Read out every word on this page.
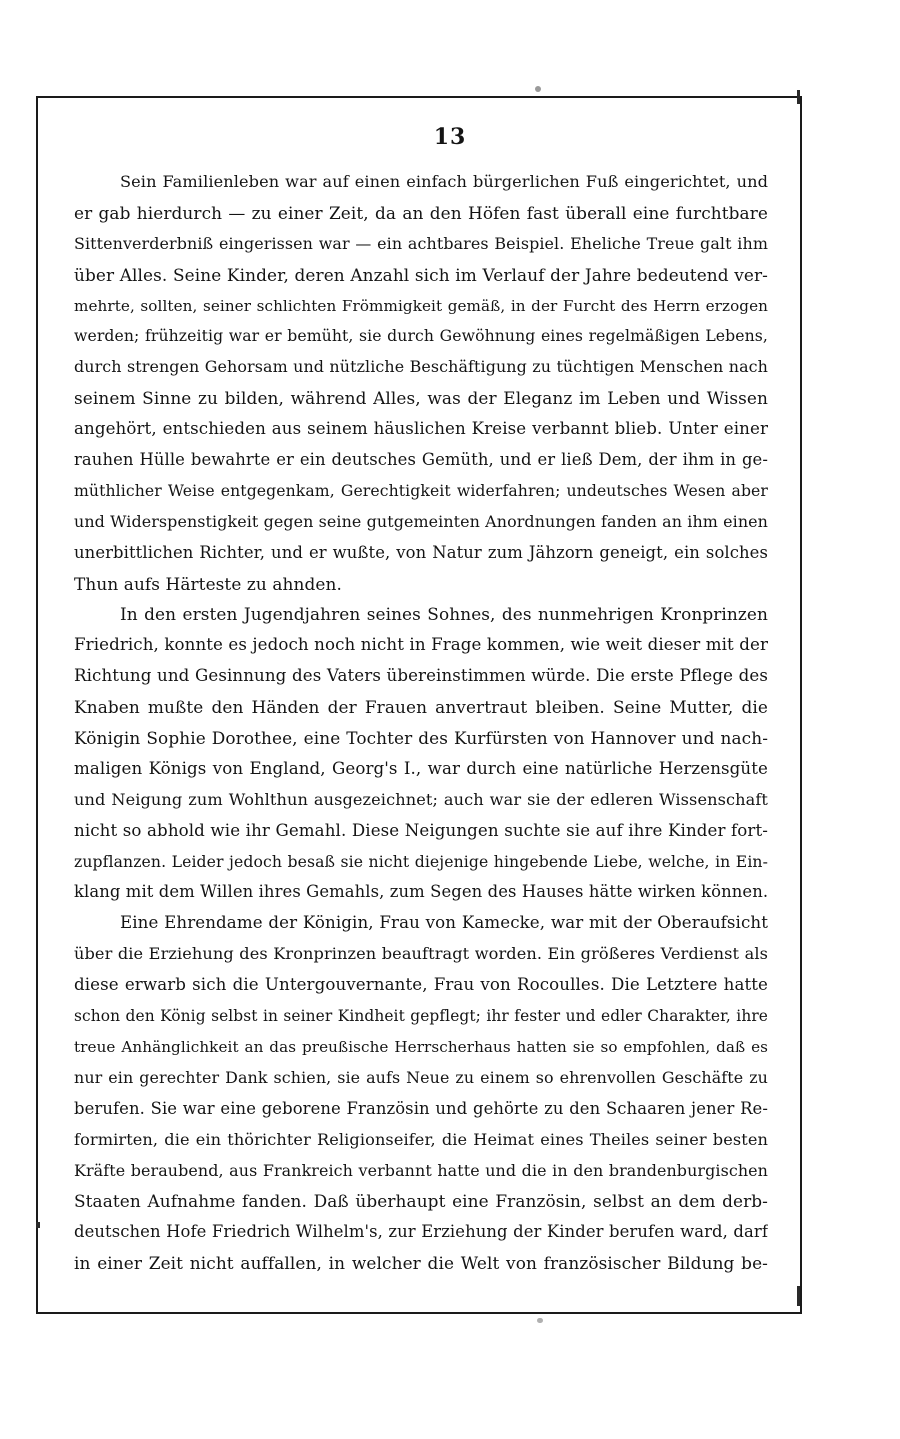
13
Sein Familienleben war auf einen einfach bürgerlichen Fuß eingerichtet, und
er gab hierdurch — zu einer Zeit, da an den Höfen fast überall eine furchtbare
Sittenverderbniß eingerissen war — ein achtbares Beispiel. Eheliche Treue galt ihm
über Alles. Seine Kinder, deren Anzahl sich im Verlauf der Jahre bedeutend ver-
mehrte, sollten, seiner schlichten Frömmigkeit gemäß, in der Furcht des Herrn erzogen
werden; frühzeitig war er bemüht, sie durch Gewöhnung eines regelmäßigen Lebens,
durch strengen Gehorsam und nützliche Beschäftigung zu tüchtigen Menschen nach
seinem Sinne zu bilden, während Alles, was der Eleganz im Leben und Wissen
angehört, entschieden aus seinem häuslichen Kreise verbannt blieb. Unter einer
rauhen Hülle bewahrte er ein deutsches Gemüth, und er ließ Dem, der ihm in ge-
müthlicher Weise entgegenkam, Gerechtigkeit widerfahren; undeutsches Wesen aber
und Widerspenstigkeit gegen seine gutgemeinten Anordnungen fanden an ihm einen
unerbittlichen Richter, und er wußte, von Natur zum Jähzorn geneigt, ein solches
Thun aufs Härteste zu ahnden.
In den ersten Jugendjahren seines Sohnes, des nunmehrigen Kronprinzen
Friedrich, konnte es jedoch noch nicht in Frage kommen, wie weit dieser mit der
Richtung und Gesinnung des Vaters übereinstimmen würde. Die erste Pflege des
Knaben mußte den Händen der Frauen anvertraut bleiben. Seine Mutter, die
Königin Sophie Dorothee, eine Tochter des Kurfürsten von Hannover und nach-
maligen Königs von England, Georg's I., war durch eine natürliche Herzensgüte
und Neigung zum Wohlthun ausgezeichnet; auch war sie der edleren Wissenschaft
nicht so abhold wie ihr Gemahl. Diese Neigungen suchte sie auf ihre Kinder fort-
zupflanzen. Leider jedoch besaß sie nicht diejenige hingebende Liebe, welche, in Ein-
klang mit dem Willen ihres Gemahls, zum Segen des Hauses hätte wirken können.
Eine Ehrendame der Königin, Frau von Kamecke, war mit der Oberaufsicht
über die Erziehung des Kronprinzen beauftragt worden. Ein größeres Verdienst als
diese erwarb sich die Untergouvernante, Frau von Rocoulles. Die Letztere hatte
schon den König selbst in seiner Kindheit gepflegt; ihr fester und edler Charakter, ihre
treue Anhänglichkeit an das preußische Herrscherhaus hatten sie so empfohlen, daß es
nur ein gerechter Dank schien, sie aufs Neue zu einem so ehrenvollen Geschäfte zu
berufen. Sie war eine geborene Französin und gehörte zu den Schaaren jener Re-
formirten, die ein thörichter Religionseifer, die Heimat eines Theiles seiner besten
Kräfte beraubend, aus Frankreich verbannt hatte und die in den brandenburgischen
Staaten Aufnahme fanden. Daß überhaupt eine Französin, selbst an dem derb-
deutschen Hofe Friedrich Wilhelm's, zur Erziehung der Kinder berufen ward, darf
in einer Zeit nicht auffallen, in welcher die Welt von französischer Bildung be-
